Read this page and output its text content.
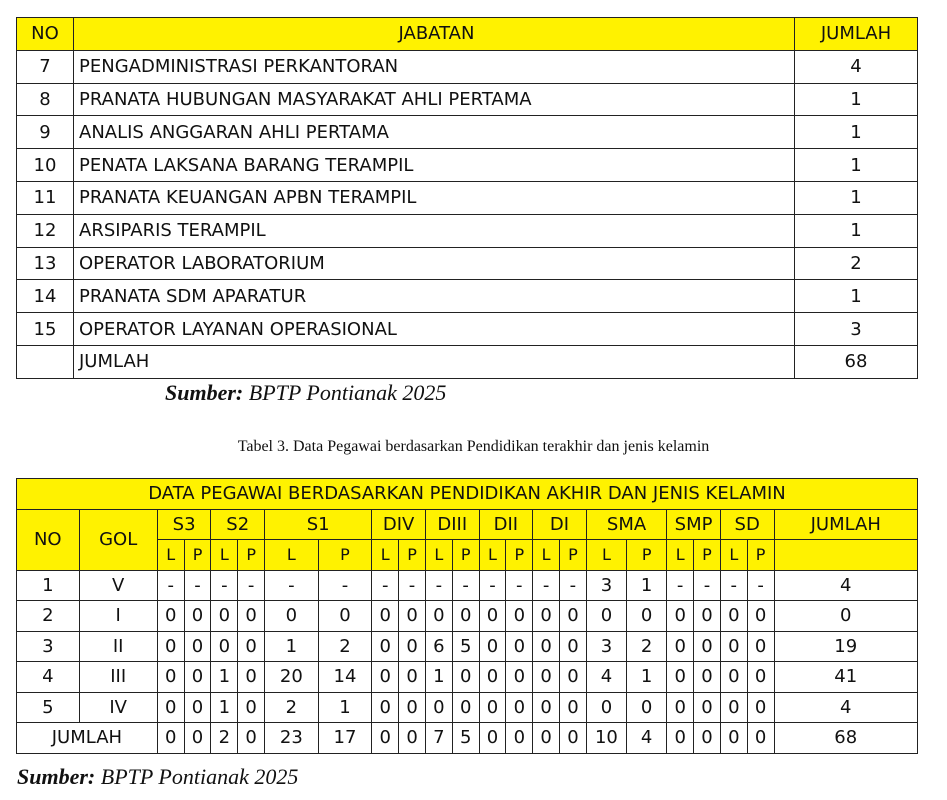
NO	JABATAN	JUMLAH
7	PENGADMINISTRASI PERKANTORAN	4
8	PRANATA HUBUNGAN MASYARAKAT AHLI PERTAMA	1
9	ANALIS ANGGARAN AHLI PERTAMA	1
10	PENATA LAKSANA BARANG TERAMPIL	1
11	PRANATA KEUANGAN APBN TERAMPIL	1
12	ARSIPARIS TERAMPIL	1
13	OPERATOR LABORATORIUM	2
14	PRANATA SDM APARATUR	1
15	OPERATOR LAYANAN OPERASIONAL	3
	JUMLAH	68
Sumber: BPTP Pontianak 2025
Tabel 3. Data Pegawai berdasarkan Pendidikan terakhir dan jenis kelamin
DATA PEGAWAI BERDASARKAN PENDIDIKAN AKHIR DAN JENIS KELAMIN																						
NO	GOL	S3		S2		S1		DIV		DIII		DII		DI		SMA		SMP		SD		JUMLAH
		L	P	L	P	L	P	L	P	L	P	L	P	L	P	L	P	L	P	L	P	
1	V	-	-	-	-	-	-	-	-	-	-	-	-	-	-	3	1	-	-	-	-	4
2	I	0	0	0	0	0	0	0	0	0	0	0	0	0	0	0	0	0	0	0	0	0
3	II	0	0	0	0	1	2	0	0	6	5	0	0	0	0	3	2	0	0	0	0	19
4	III	0	0	1	0	20	14	0	0	1	0	0	0	0	0	4	1	0	0	0	0	41
5	IV	0	0	1	0	2	1	0	0	0	0	0	0	0	0	0	0	0	0	0	0	4
JUMLAH		0	0	2	0	23	17	0	0	7	5	0	0	0	0	10	4	0	0	0	0	68
Sumber: BPTP Pontianak 2025
